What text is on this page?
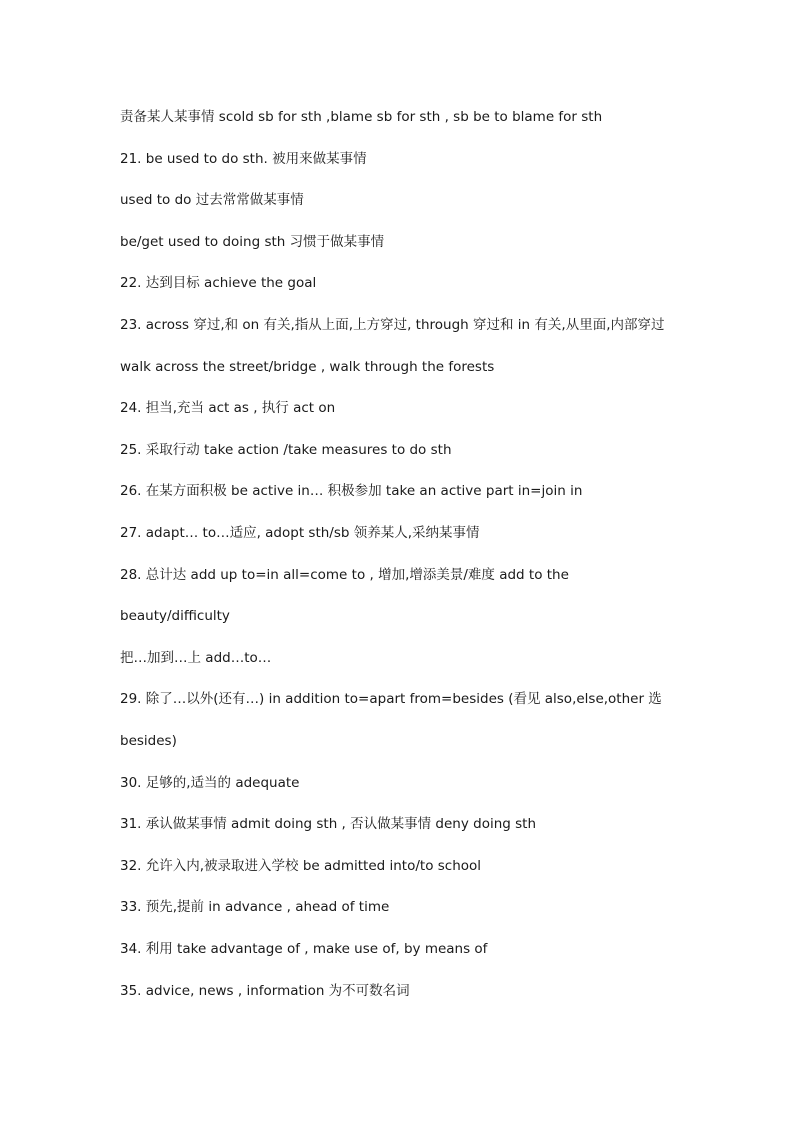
责备某人某事情 scold sb for sth ,blame sb for sth , sb be to blame for sth
21. be used to do sth. 被用来做某事情
used to do 过去常常做某事情
be/get used to doing sth 习惯于做某事情
22. 达到目标 achieve the goal
23. across 穿过,和 on 有关,指从上面,上方穿过, through 穿过和 in 有关,从里面,内部穿过
walk across the street/bridge , walk through the forests
24. 担当,充当 act as , 执行 act on
25. 采取行动 take action /take measures to do sth
26. 在某方面积极 be active in… 积极参加 take an active part in=join in
27. adapt… to…适应, adopt sth/sb 领养某人,采纳某事情
28. 总计达 add up to=in all=come to , 增加,增添美景/难度 add to the
beauty/difficulty
把…加到…上 add…to…
29. 除了…以外(还有…) in addition to=apart from=besides (看见 also,else,other 选
besides)
30. 足够的,适当的 adequate
31. 承认做某事情 admit doing sth , 否认做某事情 deny doing sth
32. 允许入内,被录取进入学校 be admitted into/to school
33. 预先,提前 in advance , ahead of time
34. 利用 take advantage of , make use of, by means of
35. advice, news , information 为不可数名词
